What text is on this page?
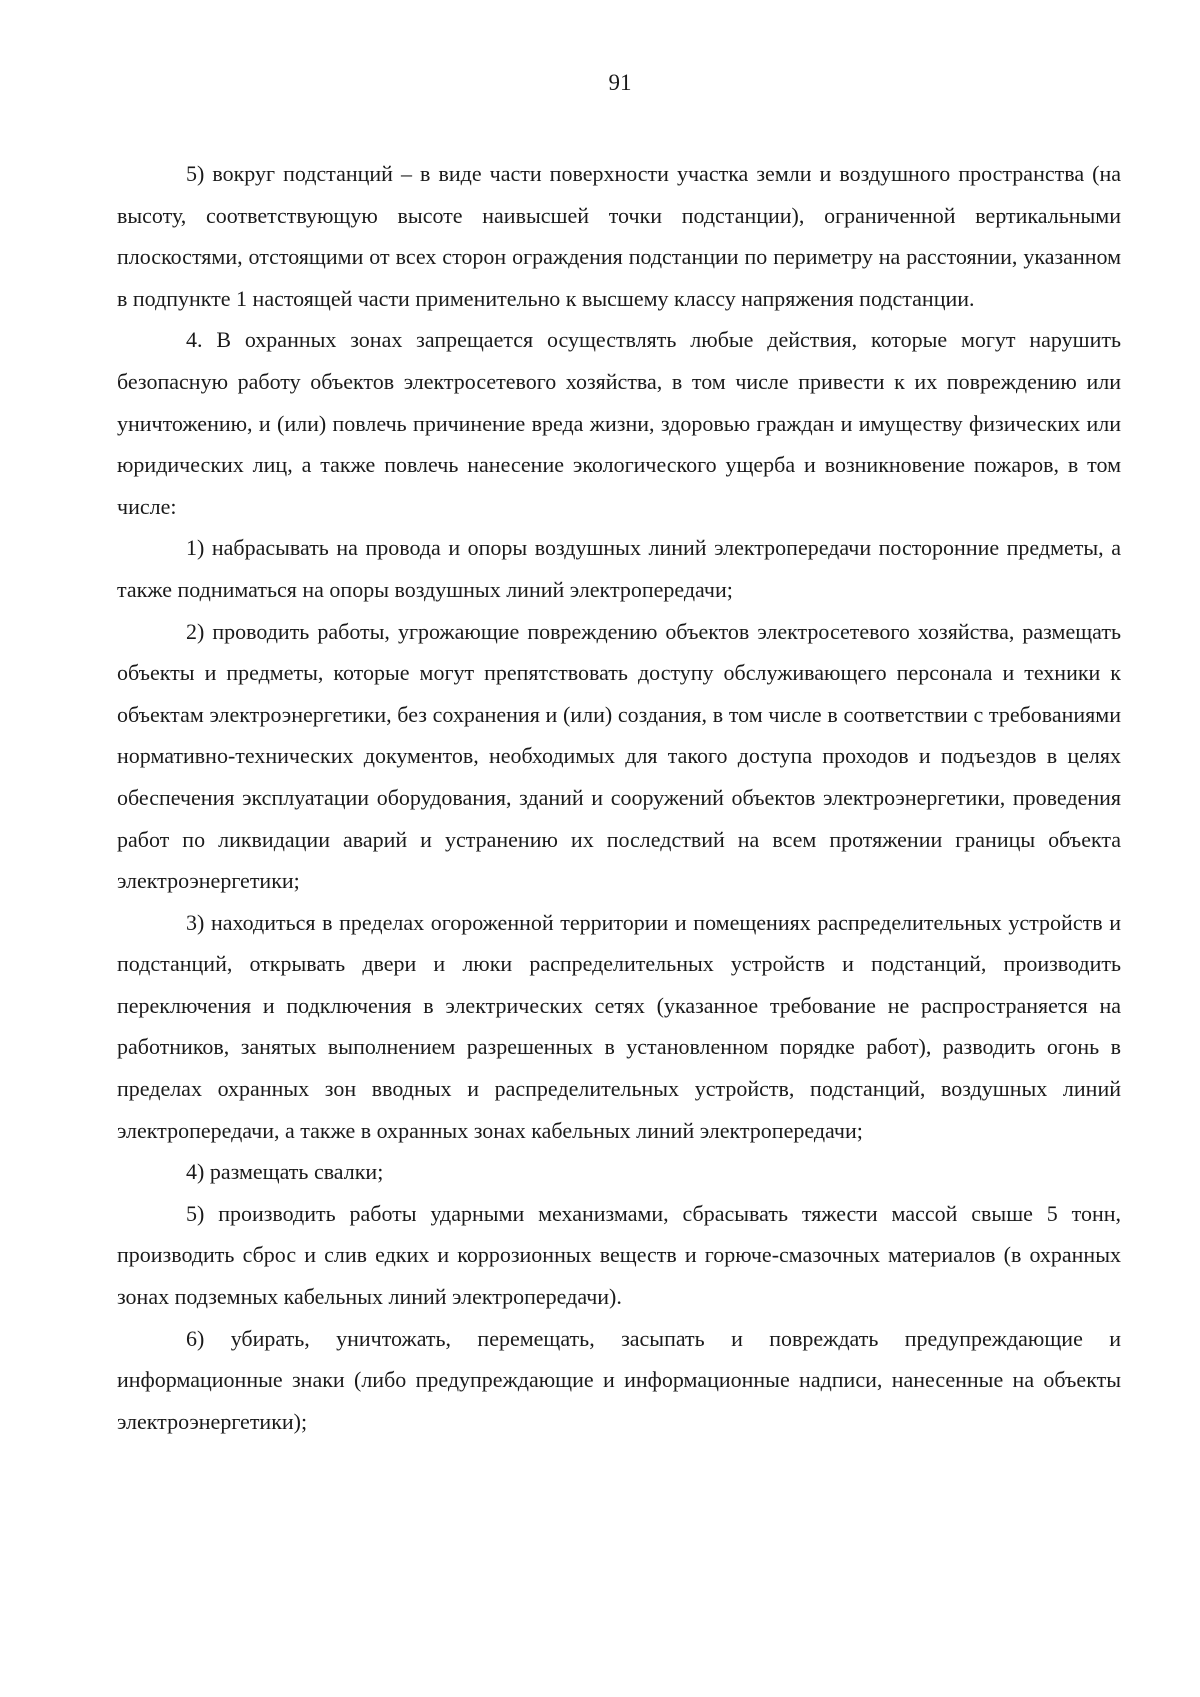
91

5) вокруг подстанций – в виде части поверхности участка земли и воздушного пространства (на высоту, соответствующую высоте наивысшей точки подстанции), ограниченной вертикальными плоскостями, отстоящими от всех сторон ограждения подстанции по периметру на расстоянии, указанном в подпункте 1 настоящей части применительно к высшему классу напряжения подстанции.

4. В охранных зонах запрещается осуществлять любые действия, которые могут нарушить безопасную работу объектов электросетевого хозяйства, в том числе привести к их повреждению или уничтожению, и (или) повлечь причинение вреда жизни, здоровью граждан и имуществу физических или юридических лиц, а также повлечь нанесение экологического ущерба и возникновение пожаров, в том числе:

1) набрасывать на провода и опоры воздушных линий электропередачи посторонние предметы, а также подниматься на опоры воздушных линий электропередачи;

2) проводить работы, угрожающие повреждению объектов электросетевого хозяйства, размещать объекты и предметы, которые могут препятствовать доступу обслуживающего персонала и техники к объектам электроэнергетики, без сохранения и (или) создания, в том числе в соответствии с требованиями нормативно-технических документов, необходимых для такого доступа проходов и подъездов в целях обеспечения эксплуатации оборудования, зданий и сооружений объектов электроэнергетики, проведения работ по ликвидации аварий и устранению их последствий на всем протяжении границы объекта электроэнергетики;

3) находиться в пределах огороженной территории и помещениях распределительных устройств и подстанций, открывать двери и люки распределительных устройств и подстанций, производить переключения и подключения в электрических сетях (указанное требование не распространяется на работников, занятых выполнением разрешенных в установленном порядке работ), разводить огонь в пределах охранных зон вводных и распределительных устройств, подстанций, воздушных линий электропередачи, а также в охранных зонах кабельных линий электропередачи;

4) размещать свалки;

5) производить работы ударными механизмами, сбрасывать тяжести массой свыше 5 тонн, производить сброс и слив едких и коррозионных веществ и горюче-смазочных материалов (в охранных зонах подземных кабельных линий электропередачи).

6) убирать, уничтожать, перемещать, засыпать и повреждать предупреждающие и информационные знаки (либо предупреждающие и информационные надписи, нанесенные на объекты электроэнергетики);
